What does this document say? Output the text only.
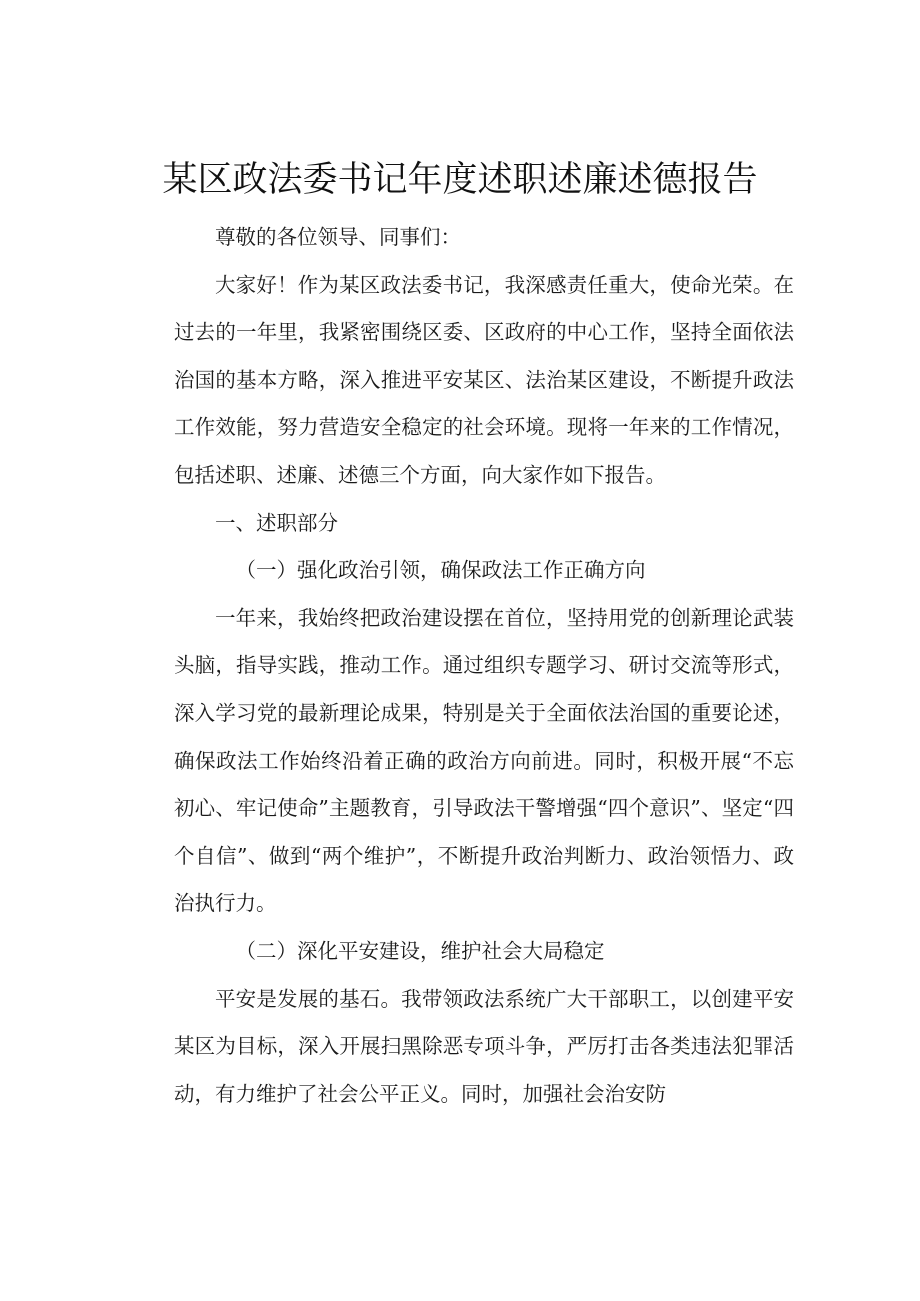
某区政法委书记年度述职述廉述德报告

尊敬的各位领导、同事们：

大家好！作为某区政法委书记，我深感责任重大，使命光荣。在过去的一年里，我紧密围绕区委、区政府的中心工作，坚持全面依法治国的基本方略，深入推进平安某区、法治某区建设，不断提升政法工作效能，努力营造安全稳定的社会环境。现将一年来的工作情况，包括述职、述廉、述德三个方面，向大家作如下报告。

一、述职部分

（一）强化政治引领，确保政法工作正确方向

一年来，我始终把政治建设摆在首位，坚持用党的创新理论武装头脑，指导实践，推动工作。通过组织专题学习、研讨交流等形式，深入学习党的最新理论成果，特别是关于全面依法治国的重要论述，确保政法工作始终沿着正确的政治方向前进。同时，积极开展“不忘初心、牢记使命”主题教育，引导政法干警增强“四个意识”、坚定“四个自信”、做到“两个维护”，不断提升政治判断力、政治领悟力、政治执行力。

（二）深化平安建设，维护社会大局稳定

平安是发展的基石。我带领政法系统广大干部职工，以创建平安某区为目标，深入开展扫黑除恶专项斗争，严厉打击各类违法犯罪活动，有力维护了社会公平正义。同时，加强社会治安防
